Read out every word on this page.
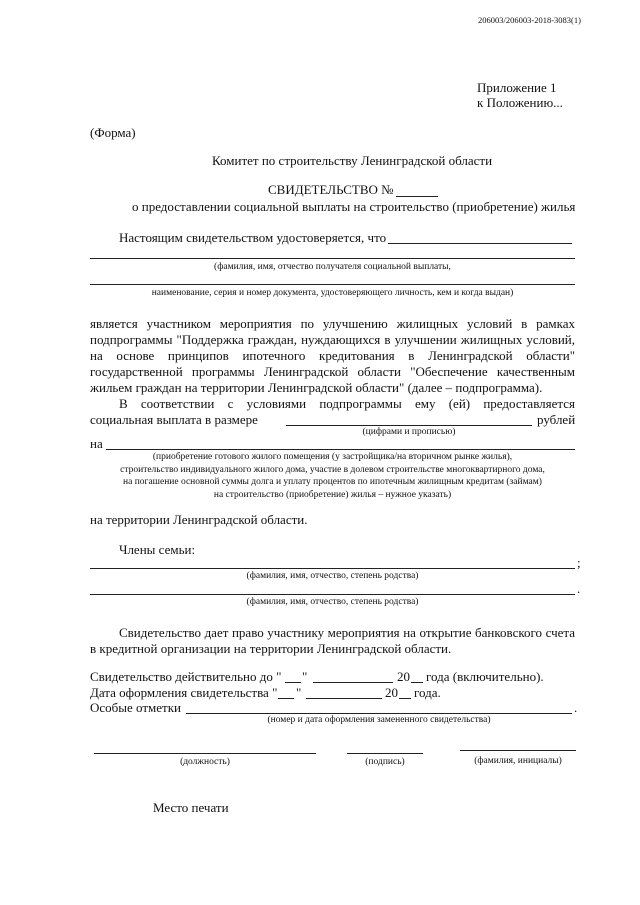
206003/206003-2018-3083(1)
Приложение 1
к Положению...
(Форма)
Комитет по строительству Ленинградской области
СВИДЕТЕЛЬСТВО №
о предоставлении социальной выплаты на строительство (приобретение) жилья
Настоящим свидетельством удостоверяется, что
(фамилия, имя, отчество получателя социальной выплаты,
наименование, серия и номер документа, удостоверяющего личность, кем и когда выдан)
является участником мероприятия по улучшению жилищных условий в рамках
подпрограммы "Поддержка граждан, нуждающихся в улучшении жилищных условий,
на основе принципов ипотечного кредитования в Ленинградской области"
государственной программы Ленинградской области "Обеспечение качественным
жильем граждан на территории Ленинградской области" (далее – подпрограмма).
В соответствии с условиями подпрограммы ему (ей) предоставляется
социальная выплата в размере	рублей
(цифрами и прописью)
на
(приобретение готового жилого помещения (у застройщика/на вторичном рынке жилья),
строительство индивидуального жилого дома, участие в долевом строительстве многоквартирного дома,
на погашение основной суммы долга и уплату процентов по ипотечным жилищным кредитам (займам)
на строительство (приобретение) жилья – нужное указать)
на территории Ленинградской области.
Члены семьи:
;
(фамилия, имя, отчество, степень родства)
.
(фамилия, имя, отчество, степень родства)
Свидетельство дает право участнику мероприятия на открытие банковского счета
в кредитной организации на территории Ленинградской области.
Свидетельство действительно до " "	20 года (включительно).
Дата оформления свидетельства " "	20 года.
Особые отметки	.
(номер и дата оформления замененного свидетельства)
(должность)	(подпись)	(фамилия, инициалы)
Место печати
